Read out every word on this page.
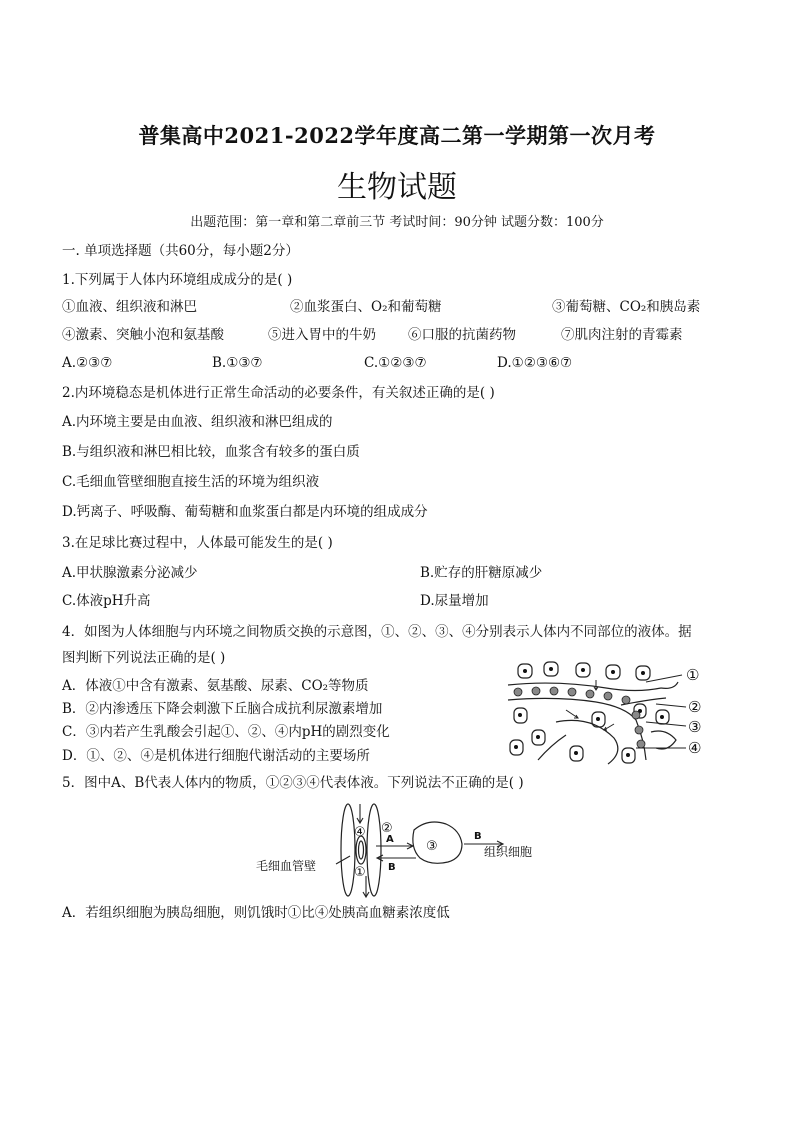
普集高中2021-2022学年度高二第一学期第一次月考
生物试题
出题范围：第一章和第二章前三节 考试时间：90分钟 试题分数：100分
一. 单项选择题（共60分，每小题2分）
1.下列属于人体内环境组成成分的是( )
①血液、组织液和淋巴	②血浆蛋白、O₂和葡萄糖	③葡萄糖、CO₂和胰岛素
④激素、突触小泡和氨基酸	⑤进入胃中的牛奶 ⑥口服的抗菌药物	⑦肌肉注射的青霉素
A.②③⑦	B.①③⑦	C.①②③⑦	D.①②③⑥⑦
2.内环境稳态是机体进行正常生命活动的必要条件，有关叙述正确的是( )
A.内环境主要是由血液、组织液和淋巴组成的
B.与组织液和淋巴相比较，血浆含有较多的蛋白质
C.毛细血管壁细胞直接生活的环境为组织液
D.钙离子、呼吸酶、葡萄糖和血浆蛋白都是内环境的组成成分
3.在足球比赛过程中，人体最可能发生的是( )
A.甲状腺激素分泌减少	B.贮存的肝糖原减少
C.体液pH升高	D.尿量增加
4．如图为人体细胞与内环境之间物质交换的示意图，①、②、③、④分别表示人体内不同部位的液体。据
图判断下列说法正确的是( )
A．体液①中含有激素、氨基酸、尿素、CO₂等物质
B．②内渗透压下降会刺激下丘脑合成抗利尿激素增加
C．③内若产生乳酸会引起①、②、④内pH的剧烈变化
D．①、②、④是机体进行细胞代谢活动的主要场所
①
②
③
④
5．图中A、B代表人体内的物质，①②③④代表体液。下列说法不正确的是( )
毛细血管壁
组织细胞
A
B
B
④ ②
③
①
A．若组织细胞为胰岛细胞，则饥饿时①比④处胰高血糖素浓度低
